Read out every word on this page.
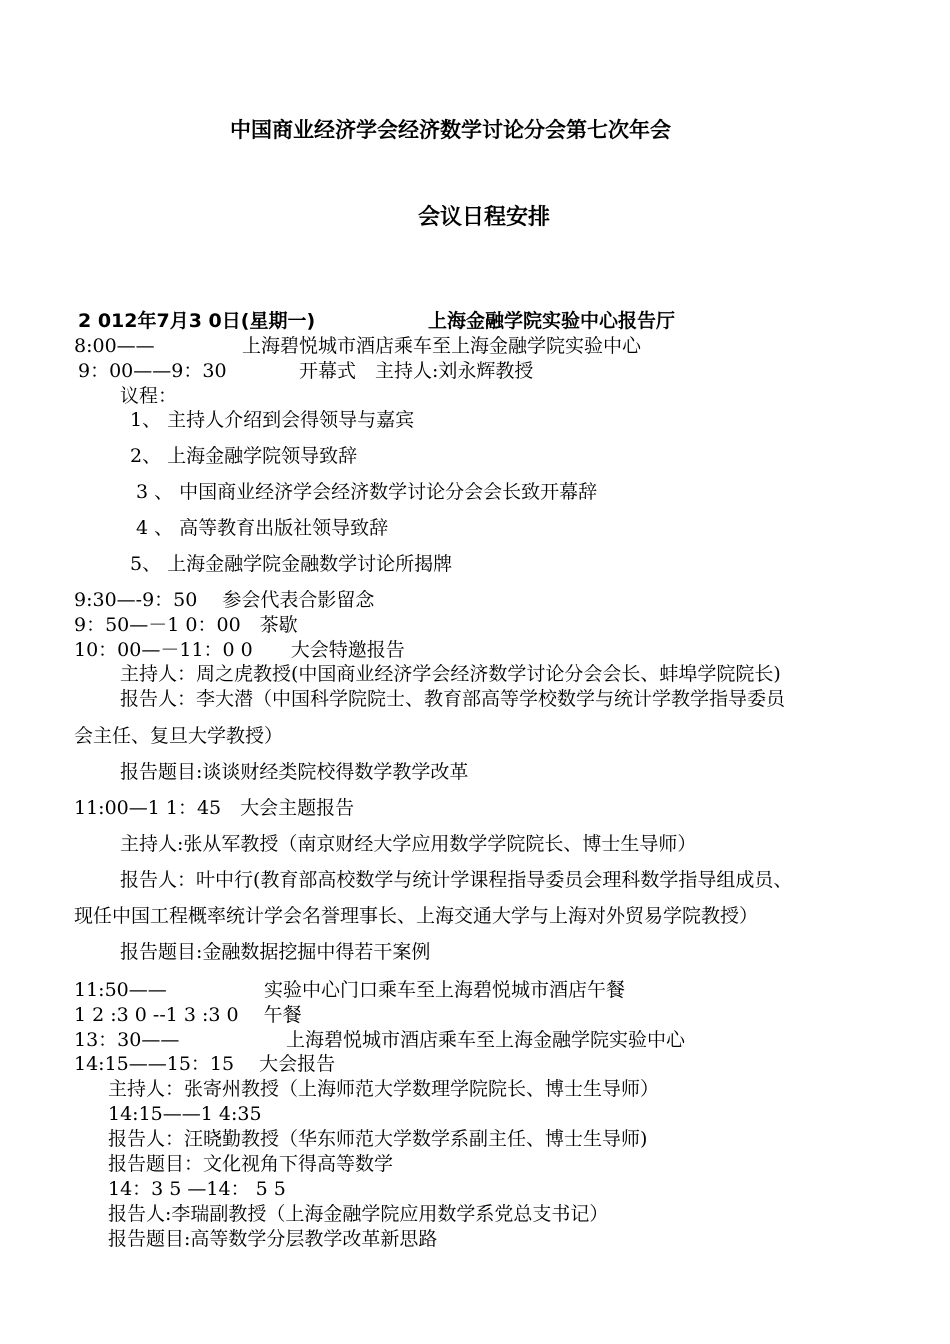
中国商业经济学会经济数学讨论分会第七次年会
会议日程安排
2 012年7月3 0日(星期一)	上海金融学院实验中心报告厅
8:00——	上海碧悦城市酒店乘车至上海金融学院实验中心
9：00——9：30	开幕式　主持人:刘永辉教授
议程：
1、 主持人介绍到会得领导与嘉宾
2、 上海金融学院领导致辞
3 、 中国商业经济学会经济数学讨论分会会长致开幕辞
4 、 高等教育出版社领导致辞
5、 上海金融学院金融数学讨论所揭牌
9:30—-9：50　 参会代表合影留念
9：50—－1 0：00　茶歇
10：00—－11：0 0　　大会特邀报告
主持人：周之虎教授(中国商业经济学会经济数学讨论分会会长、蚌埠学院院长)
报告人：李大潜（中国科学院院士、教育部高等学校数学与统计学教学指导委员
会主任、复旦大学教授）
报告题目:谈谈财经类院校得数学教学改革
11:00—1 1：45　大会主题报告
主持人:张从军教授（南京财经大学应用数学学院院长、博士生导师）
报告人：叶中行(教育部高校数学与统计学课程指导委员会理科数学指导组成员、
现任中国工程概率统计学会名誉理事长、上海交通大学与上海对外贸易学院教授）
报告题目:金融数据挖掘中得若干案例
11:50——	实验中心门口乘车至上海碧悦城市酒店午餐
1 2 :3 0 --1 3 :3 0　 午餐
13：30——	上海碧悦城市酒店乘车至上海金融学院实验中心
14:15——15：15　 大会报告
主持人：张寄州教授（上海师范大学数理学院院长、博士生导师）
14:15——1 4:35
报告人：汪晓勤教授（华东师范大学数学系副主任、博士生导师)
报告题目：文化视角下得高等数学
14：3 5 —14： 5 5
报告人:李瑞副教授（上海金融学院应用数学系党总支书记）
报告题目:高等数学分层教学改革新思路
